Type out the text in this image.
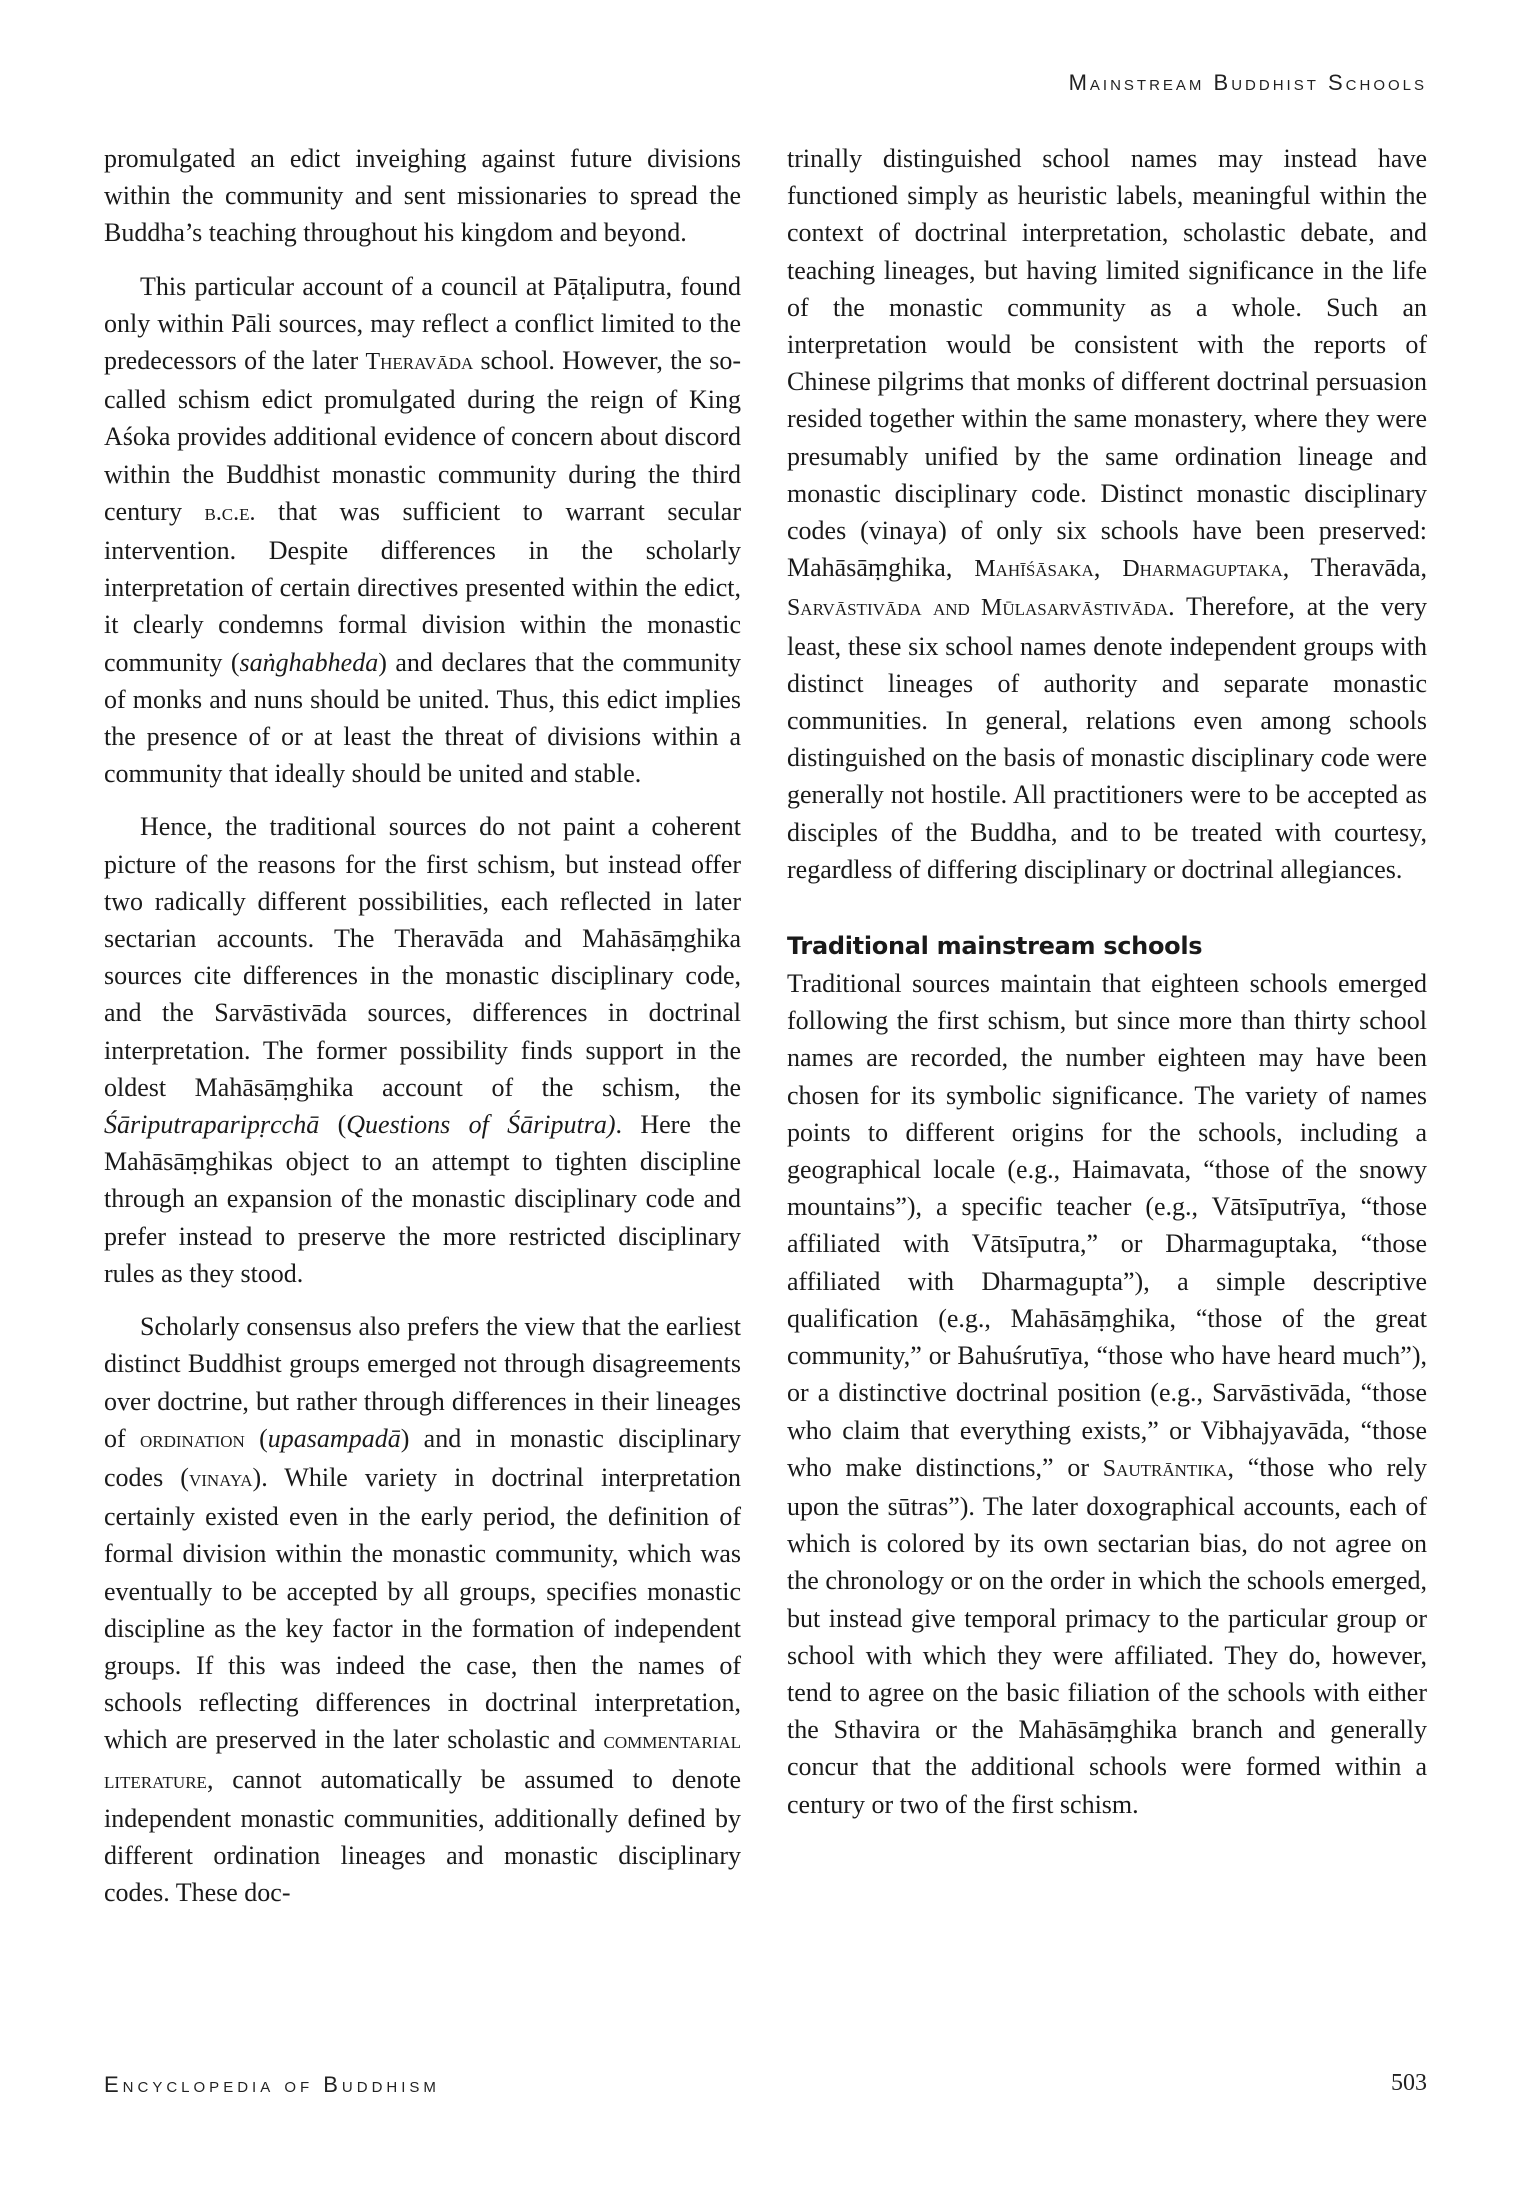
Mainstream Buddhist Schools

promulgated an edict inveighing against future divisions within the community and sent missionaries to spread the Buddha’s teaching throughout his kingdom and beyond.

This particular account of a council at Pāṭaliputra, found only within Pāli sources, may reflect a conflict limited to the predecessors of the later Theravāda school. However, the so-called schism edict promulgated during the reign of King Aśoka provides additional evidence of concern about discord within the Buddhist monastic community during the third century b.c.e. that was sufficient to warrant secular intervention. Despite differences in the scholarly interpretation of certain directives presented within the edict, it clearly condemns formal division within the monastic community (saṅghabheda) and declares that the community of monks and nuns should be united. Thus, this edict implies the presence of or at least the threat of divisions within a community that ideally should be united and stable.

Hence, the traditional sources do not paint a coherent picture of the reasons for the first schism, but instead offer two radically different possibilities, each reflected in later sectarian accounts. The Theravāda and Mahāsāṃghika sources cite differences in the monastic disciplinary code, and the Sarvāstivāda sources, differences in doctrinal interpretation. The former possibility finds support in the oldest Mahāsāṃghika account of the schism, the Śāriputraparipṛcchā (Questions of Śāriputra). Here the Mahāsāṃghikas object to an attempt to tighten discipline through an expansion of the monastic disciplinary code and prefer instead to preserve the more restricted disciplinary rules as they stood.

Scholarly consensus also prefers the view that the earliest distinct Buddhist groups emerged not through disagreements over doctrine, but rather through differences in their lineages of ordination (upasampadā) and in monastic disciplinary codes (vinaya). While variety in doctrinal interpretation certainly existed even in the early period, the definition of formal division within the monastic community, which was eventually to be accepted by all groups, specifies monastic discipline as the key factor in the formation of independent groups. If this was indeed the case, then the names of schools reflecting differences in doctrinal interpretation, which are preserved in the later scholastic and commentarial literature, cannot automatically be assumed to denote independent monastic communities, additionally defined by different ordination lineages and monastic disciplinary codes. These doc-

trinally distinguished school names may instead have functioned simply as heuristic labels, meaningful within the context of doctrinal interpretation, scholastic debate, and teaching lineages, but having limited significance in the life of the monastic community as a whole. Such an interpretation would be consistent with the reports of Chinese pilgrims that monks of different doctrinal persuasion resided together within the same monastery, where they were presumably unified by the same ordination lineage and monastic disciplinary code. Distinct monastic disciplinary codes (vinaya) of only six schools have been preserved: Mahāsāṃghika, Mahīśāsaka, Dharmaguptaka, Theravāda, Sarvāstivāda and Mūlasarvāstivāda. Therefore, at the very least, these six school names denote independent groups with distinct lineages of authority and separate monastic communities. In general, relations even among schools distinguished on the basis of monastic disciplinary code were generally not hostile. All practitioners were to be accepted as disciples of the Buddha, and to be treated with courtesy, regardless of differing disciplinary or doctrinal allegiances.

Traditional mainstream schools

Traditional sources maintain that eighteen schools emerged following the first schism, but since more than thirty school names are recorded, the number eighteen may have been chosen for its symbolic significance. The variety of names points to different origins for the schools, including a geographical locale (e.g., Haimavata, “those of the snowy mountains”), a specific teacher (e.g., Vātsīputrīya, “those affiliated with Vātsīputra,” or Dharmaguptaka, “those affiliated with Dharmagupta”), a simple descriptive qualification (e.g., Mahāsāṃghika, “those of the great community,” or Bahuśrutīya, “those who have heard much”), or a distinctive doctrinal position (e.g., Sarvāstivāda, “those who claim that everything exists,” or Vibhajyavāda, “those who make distinctions,” or Sautrāntika, “those who rely upon the sūtras”). The later doxographical accounts, each of which is colored by its own sectarian bias, do not agree on the chronology or on the order in which the schools emerged, but instead give temporal primacy to the particular group or school with which they were affiliated. They do, however, tend to agree on the basic filiation of the schools with either the Sthavira or the Mahāsāṃghika branch and generally concur that the additional schools were formed within a century or two of the first schism.

Encyclopedia of Buddhism	503
